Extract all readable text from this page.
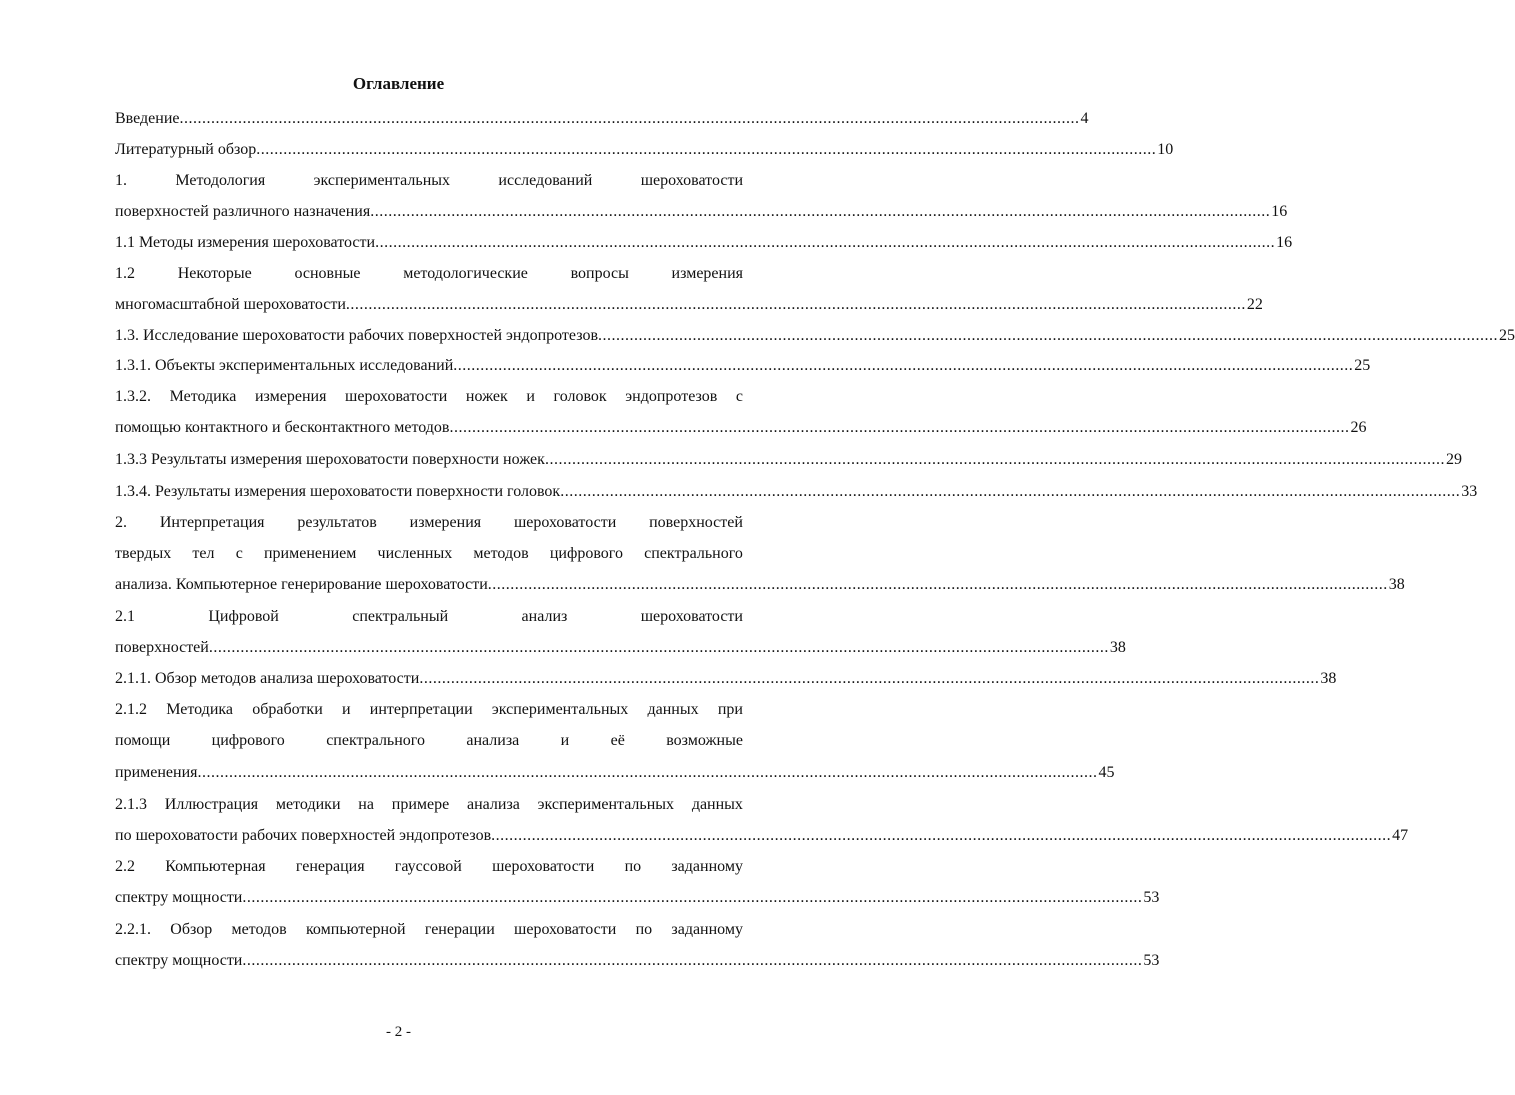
Оглавление
Введение ........................................................................................................................................................................................................ 4
Литературный обзор ........................................................................................................................................................................................................ 10
1.	Методология	экспериментальных	исследований	шероховатости
поверхностей различного назначения ........................................................................................................................................................................................................ 16
1.1 Методы измерения шероховатости ........................................................................................................................................................................................................ 16
1.2	Некоторые	основные	методологические	вопросы	измерения
многомасштабной шероховатости ........................................................................................................................................................................................................ 22
1.3. Исследование шероховатости рабочих поверхностей эндопротезов ........................................................................................................................................................................................................ 25
1.3.1. Объекты экспериментальных исследований ........................................................................................................................................................................................................ 25
1.3.2. Методика измерения шероховатости ножек и головок эндопротезов с
помощью контактного и бесконтактного методов ........................................................................................................................................................................................................ 26
1.3.3 Результаты измерения шероховатости поверхности ножек ........................................................................................................................................................................................................ 29
1.3.4. Результаты измерения шероховатости поверхности головок ........................................................................................................................................................................................................ 33
2. Интерпретация результатов измерения шероховатости поверхностей
твердых тел с применением численных методов цифрового спектрального
анализа. Компьютерное генерирование шероховатости ........................................................................................................................................................................................................ 38
2.1	Цифровой	спектральный	анализ	шероховатости
поверхностей ........................................................................................................................................................................................................ 38
2.1.1. Обзор методов анализа шероховатости ........................................................................................................................................................................................................ 38
2.1.2 Методика обработки и интерпретации экспериментальных данных при
помощи	цифрового	спектрального	анализа	и	её	возможные
применения ........................................................................................................................................................................................................ 45
2.1.3 Иллюстрация методики на примере анализа экспериментальных данных
по шероховатости рабочих поверхностей эндопротезов ........................................................................................................................................................................................................ 47
2.2 Компьютерная генерация гауссовой шероховатости по заданному
спектру мощности ........................................................................................................................................................................................................ 53
2.2.1. Обзор методов компьютерной генерации шероховатости по заданному
спектру мощности ........................................................................................................................................................................................................ 53
- 2 -
